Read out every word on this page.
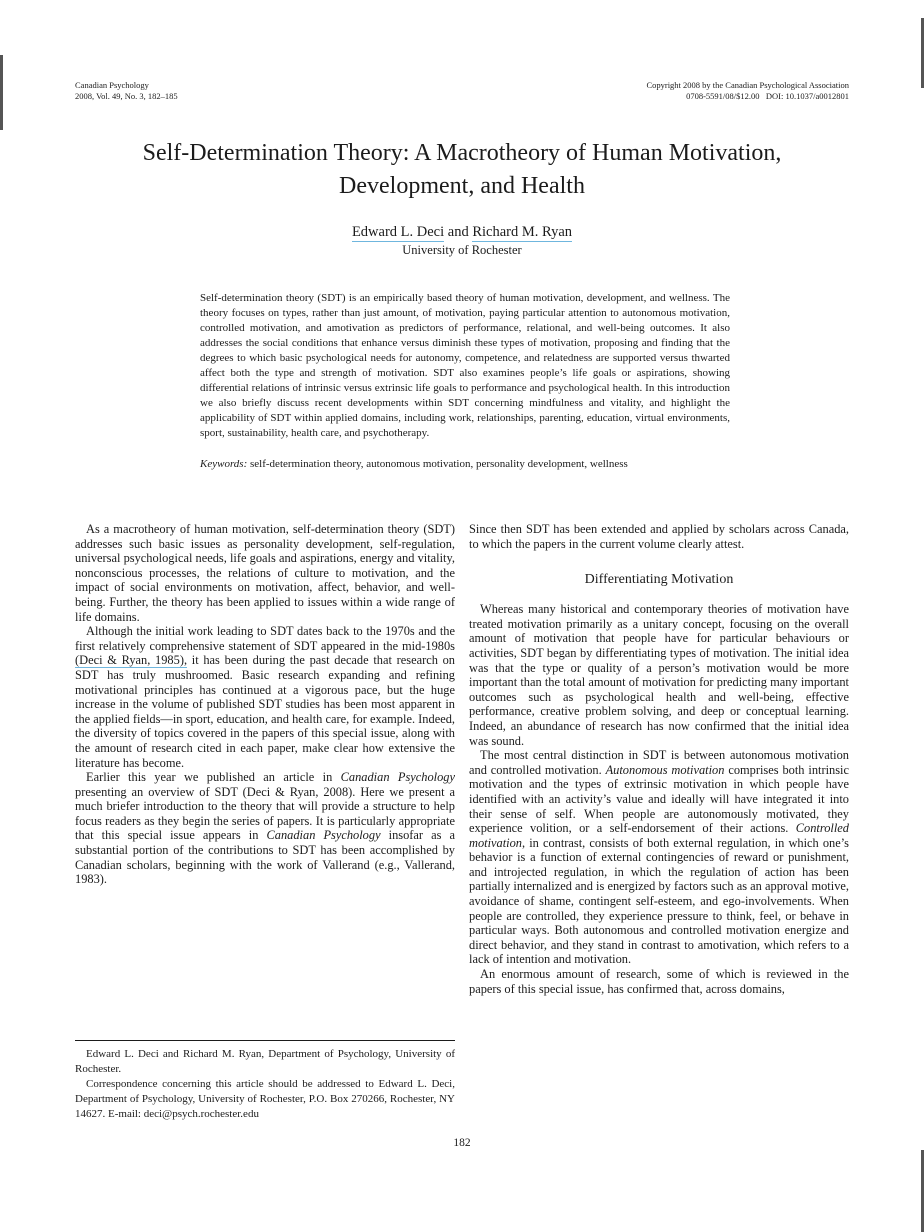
Canadian Psychology
2008, Vol. 49, No. 3, 182–185
Copyright 2008 by the Canadian Psychological Association
0708-5591/08/$12.00   DOI: 10.1037/a0012801
Self-Determination Theory: A Macrotheory of Human Motivation,
Development, and Health
Edward L. Deci and Richard M. Ryan
University of Rochester
Self-determination theory (SDT) is an empirically based theory of human motivation, development, and wellness. The theory focuses on types, rather than just amount, of motivation, paying particular attention to autonomous motivation, controlled motivation, and amotivation as predictors of performance, relational, and well-being outcomes. It also addresses the social conditions that enhance versus diminish these types of motivation, proposing and finding that the degrees to which basic psychological needs for autonomy, competence, and relatedness are supported versus thwarted affect both the type and strength of motivation. SDT also examines people’s life goals or aspirations, showing differential relations of intrinsic versus extrinsic life goals to performance and psychological health. In this introduction we also briefly discuss recent developments within SDT concerning mindfulness and vitality, and highlight the applicability of SDT within applied domains, including work, relationships, parenting, education, virtual environments, sport, sustainability, health care, and psychotherapy.

Keywords: self-determination theory, autonomous motivation, personality development, wellness

As a macrotheory of human motivation, self-determination theory (SDT) addresses such basic issues as personality development, self-regulation, universal psychological needs, life goals and aspirations, energy and vitality, nonconscious processes, the relations of culture to motivation, and the impact of social environments on motivation, affect, behavior, and well-being. Further, the theory has been applied to issues within a wide range of life domains.

Although the initial work leading to SDT dates back to the 1970s and the first relatively comprehensive statement of SDT appeared in the mid-1980s (Deci & Ryan, 1985), it has been during the past decade that research on SDT has truly mushroomed. Basic research expanding and refining motivational principles has continued at a vigorous pace, but the huge increase in the volume of published SDT studies has been most apparent in the applied fields—in sport, education, and health care, for example. Indeed, the diversity of topics covered in the papers of this special issue, along with the amount of research cited in each paper, make clear how extensive the literature has become.

Earlier this year we published an article in Canadian Psychology presenting an overview of SDT (Deci & Ryan, 2008). Here we present a much briefer introduction to the theory that will provide a structure to help focus readers as they begin the series of papers. It is particularly appropriate that this special issue appears in Canadian Psychology insofar as a substantial portion of the contributions to SDT has been accomplished by Canadian scholars, beginning with the work of Vallerand (e.g., Vallerand, 1983).

Edward L. Deci and Richard M. Ryan, Department of Psychology, University of Rochester.

Correspondence concerning this article should be addressed to Edward L. Deci, Department of Psychology, University of Rochester, P.O. Box 270266, Rochester, NY 14627. E-mail: deci@psych.rochester.edu

Since then SDT has been extended and applied by scholars across Canada, to which the papers in the current volume clearly attest.

Differentiating Motivation

Whereas many historical and contemporary theories of motivation have treated motivation primarily as a unitary concept, focusing on the overall amount of motivation that people have for particular behaviours or activities, SDT began by differentiating types of motivation. The initial idea was that the type or quality of a person’s motivation would be more important than the total amount of motivation for predicting many important outcomes such as psychological health and well-being, effective performance, creative problem solving, and deep or conceptual learning. Indeed, an abundance of research has now confirmed that the initial idea was sound.

The most central distinction in SDT is between autonomous motivation and controlled motivation. Autonomous motivation comprises both intrinsic motivation and the types of extrinsic motivation in which people have identified with an activity’s value and ideally will have integrated it into their sense of self. When people are autonomously motivated, they experience volition, or a self-endorsement of their actions. Controlled motivation, in contrast, consists of both external regulation, in which one’s behavior is a function of external contingencies of reward or punishment, and introjected regulation, in which the regulation of action has been partially internalized and is energized by factors such as an approval motive, avoidance of shame, contingent self-esteem, and ego-involvements. When people are controlled, they experience pressure to think, feel, or behave in particular ways. Both autonomous and controlled motivation energize and direct behavior, and they stand in contrast to amotivation, which refers to a lack of intention and motivation.

An enormous amount of research, some of which is reviewed in the papers of this special issue, has confirmed that, across domains,

182
